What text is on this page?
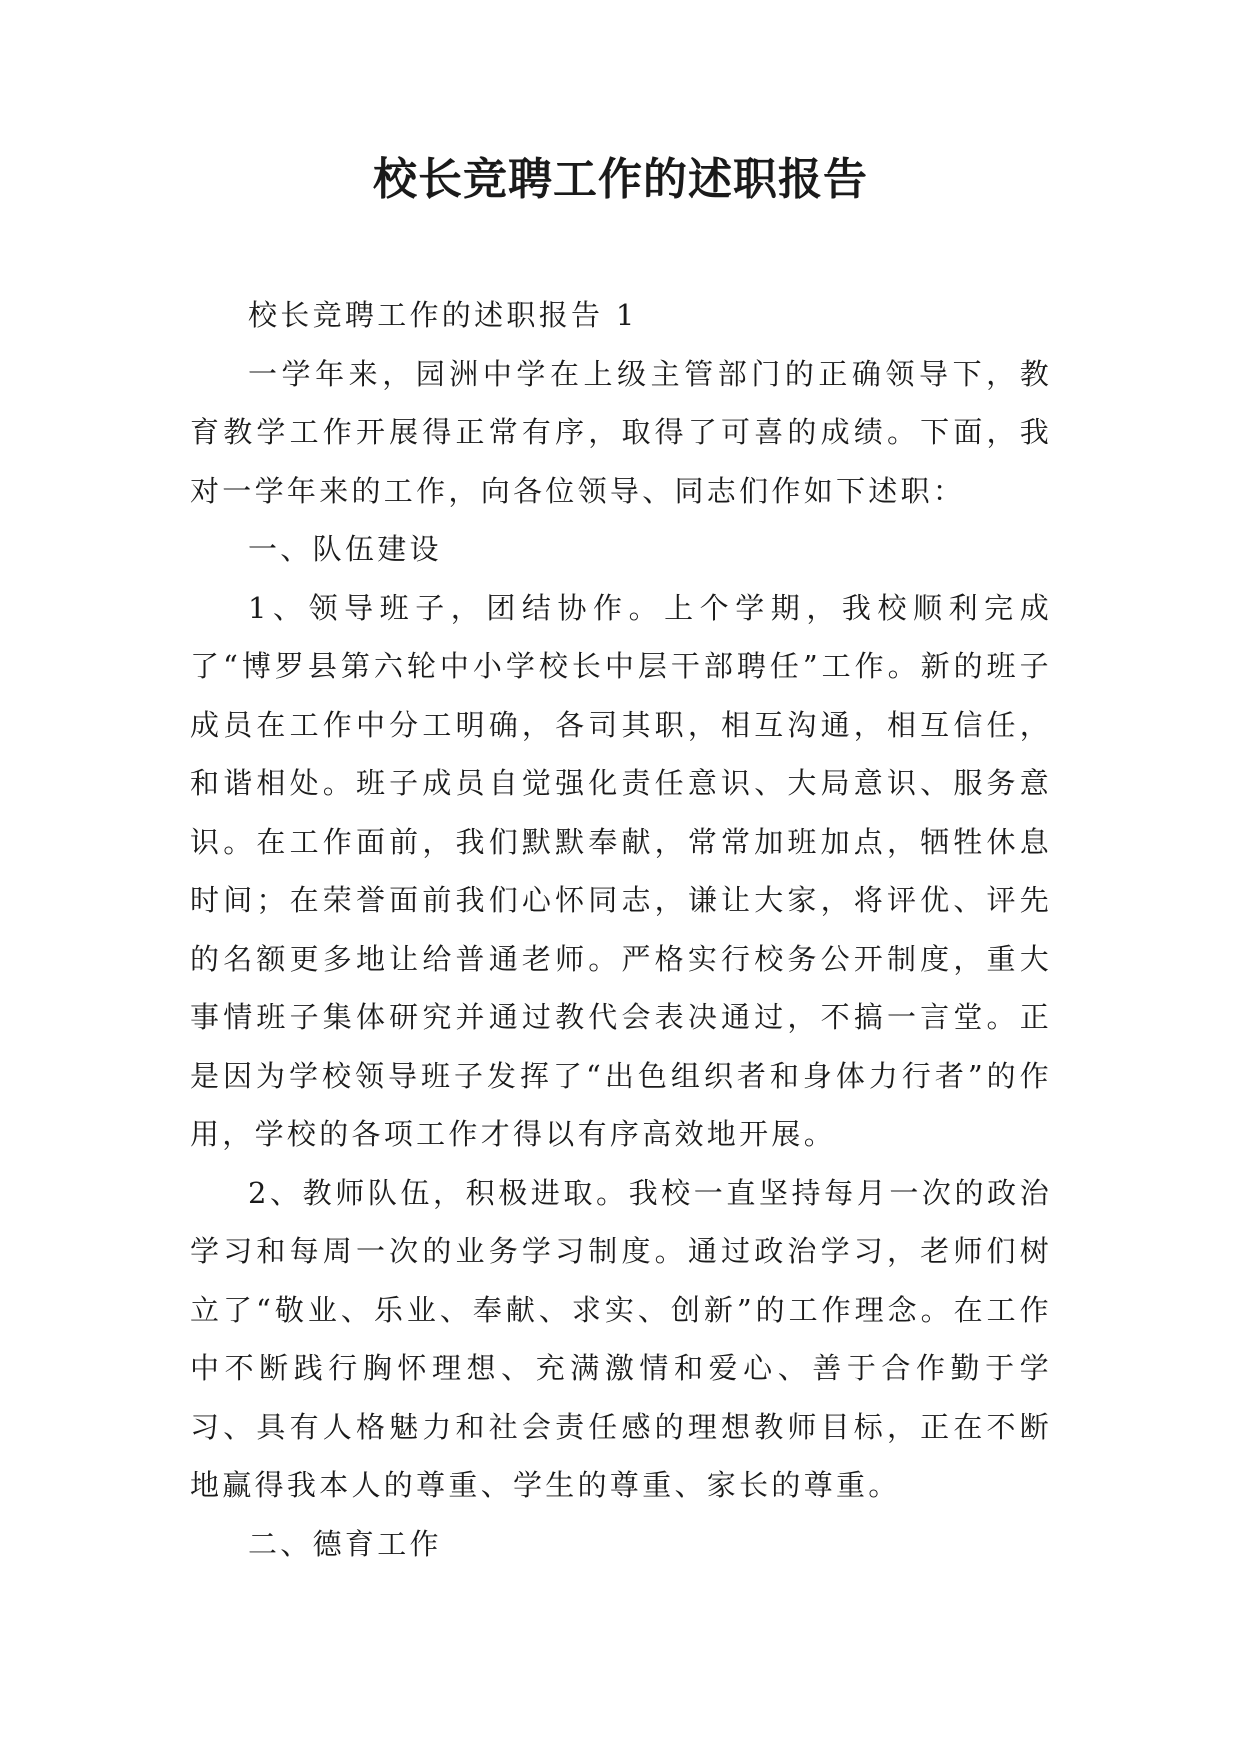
校长竞聘工作的述职报告

校长竞聘工作的述职报告 1

一学年来，园洲中学在上级主管部门的正确领导下，教育教学工作开展得正常有序，取得了可喜的成绩。下面，我对一学年来的工作，向各位领导、同志们作如下述职：

一、队伍建设

1、领导班子，团结协作。上个学期，我校顺利完成了“博罗县第六轮中小学校长中层干部聘任”工作。新的班子成员在工作中分工明确，各司其职，相互沟通，相互信任，和谐相处。班子成员自觉强化责任意识、大局意识、服务意识。在工作面前，我们默默奉献，常常加班加点，牺牲休息时间；在荣誉面前我们心怀同志，谦让大家，将评优、评先的名额更多地让给普通老师。严格实行校务公开制度，重大事情班子集体研究并通过教代会表决通过，不搞一言堂。正是因为学校领导班子发挥了“出色组织者和身体力行者”的作用，学校的各项工作才得以有序高效地开展。

2、教师队伍，积极进取。我校一直坚持每月一次的政治学习和每周一次的业务学习制度。通过政治学习，老师们树立了“敬业、乐业、奉献、求实、创新”的工作理念。在工作中不断践行胸怀理想、充满激情和爱心、善于合作勤于学习、具有人格魅力和社会责任感的理想教师目标，正在不断地赢得我本人的尊重、学生的尊重、家长的尊重。

二、德育工作
